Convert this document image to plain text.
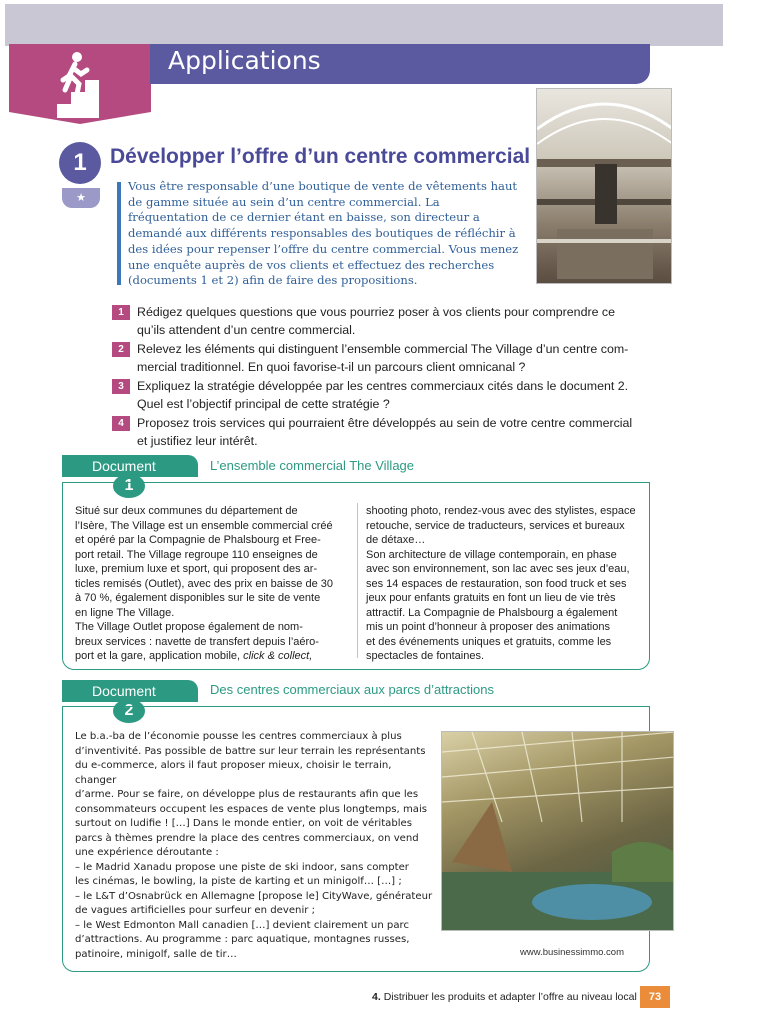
Applications
1
★
Développer l’offre d’un centre commercial
Vous être responsable d’une boutique de vente de vêtements haut de gamme située au sein d’un centre commercial. La fréquentation de ce dernier étant en baisse, son directeur a demandé aux différents responsables des boutiques de réfléchir à des idées pour repenser l’offre du centre commercial. Vous menez une enquête auprès de vos clients et effectuez des recherches (documents 1 et 2) afin de faire des propositions.
1	Rédigez quelques questions que vous pourriez poser à vos clients pour comprendre ce
qu’ils attendent d’un centre commercial.
2	Relevez les éléments qui distinguent l’ensemble commercial The Village d’un centre com-
mercial traditionnel. En quoi favorise-t-il un parcours client omnicanal ?
3	Expliquez la stratégie développée par les centres commerciaux cités dans le document 2.
Quel est l’objectif principal de cette stratégie ?
4	Proposez trois services qui pourraient être développés au sein de votre centre commercial
et justifiez leur intérêt.
Document
1
L’ensemble commercial The Village
Situé sur deux communes du département de
l’Isère, The Village est un ensemble commercial créé
et opéré par la Compagnie de Phalsbourg et Free-
port retail. The Village regroupe 110 enseignes de
luxe, premium luxe et sport, qui proposent des ar-
ticles remisés (Outlet), avec des prix en baisse de 30
à 70 %, également disponibles sur le site de vente
en ligne The Village.
The Village Outlet propose également de nom-
breux services : navette de transfert depuis l’aéro-
port et la gare, application mobile, click & collect,
shooting photo, rendez-vous avec des stylistes, espace
retouche, service de traducteurs, services et bureaux
de détaxe…
Son architecture de village contemporain, en phase
avec son environnement, son lac avec ses jeux d’eau,
ses 14 espaces de restauration, son food truck et ses
jeux pour enfants gratuits en font un lieu de vie très
attractif. La Compagnie de Phalsbourg a également
mis un point d’honneur à proposer des animations
et des événements uniques et gratuits, comme les
spectacles de fontaines.
Document
2
Des centres commerciaux aux parcs d’attractions
Le b.a.-ba de l’économie pousse les centres commerciaux à plus
d’inventivité. Pas possible de battre sur leur terrain les représentants
du e-commerce, alors il faut proposer mieux, choisir le terrain, changer
d’arme. Pour se faire, on développe plus de restaurants afin que les
consommateurs occupent les espaces de vente plus longtemps, mais
surtout on ludifie ! […] Dans le monde entier, on voit de véritables
parcs à thèmes prendre la place des centres commerciaux, on vend
une expérience déroutante :
– le Madrid Xanadu propose une piste de ski indoor, sans compter
les cinémas, le bowling, la piste de karting et un minigolf… […] ;
– le L&T d’Osnabrück en Allemagne [propose le] CityWave, générateur
de vagues artificielles pour surfeur en devenir ;
– le West Edmonton Mall canadien […] devient clairement un parc
d’attractions. Au programme : parc aquatique, montagnes russes,
patinoire, minigolf, salle de tir…	www.businessimmo.com
4. Distribuer les produits et adapter l’offre au niveau local	73
